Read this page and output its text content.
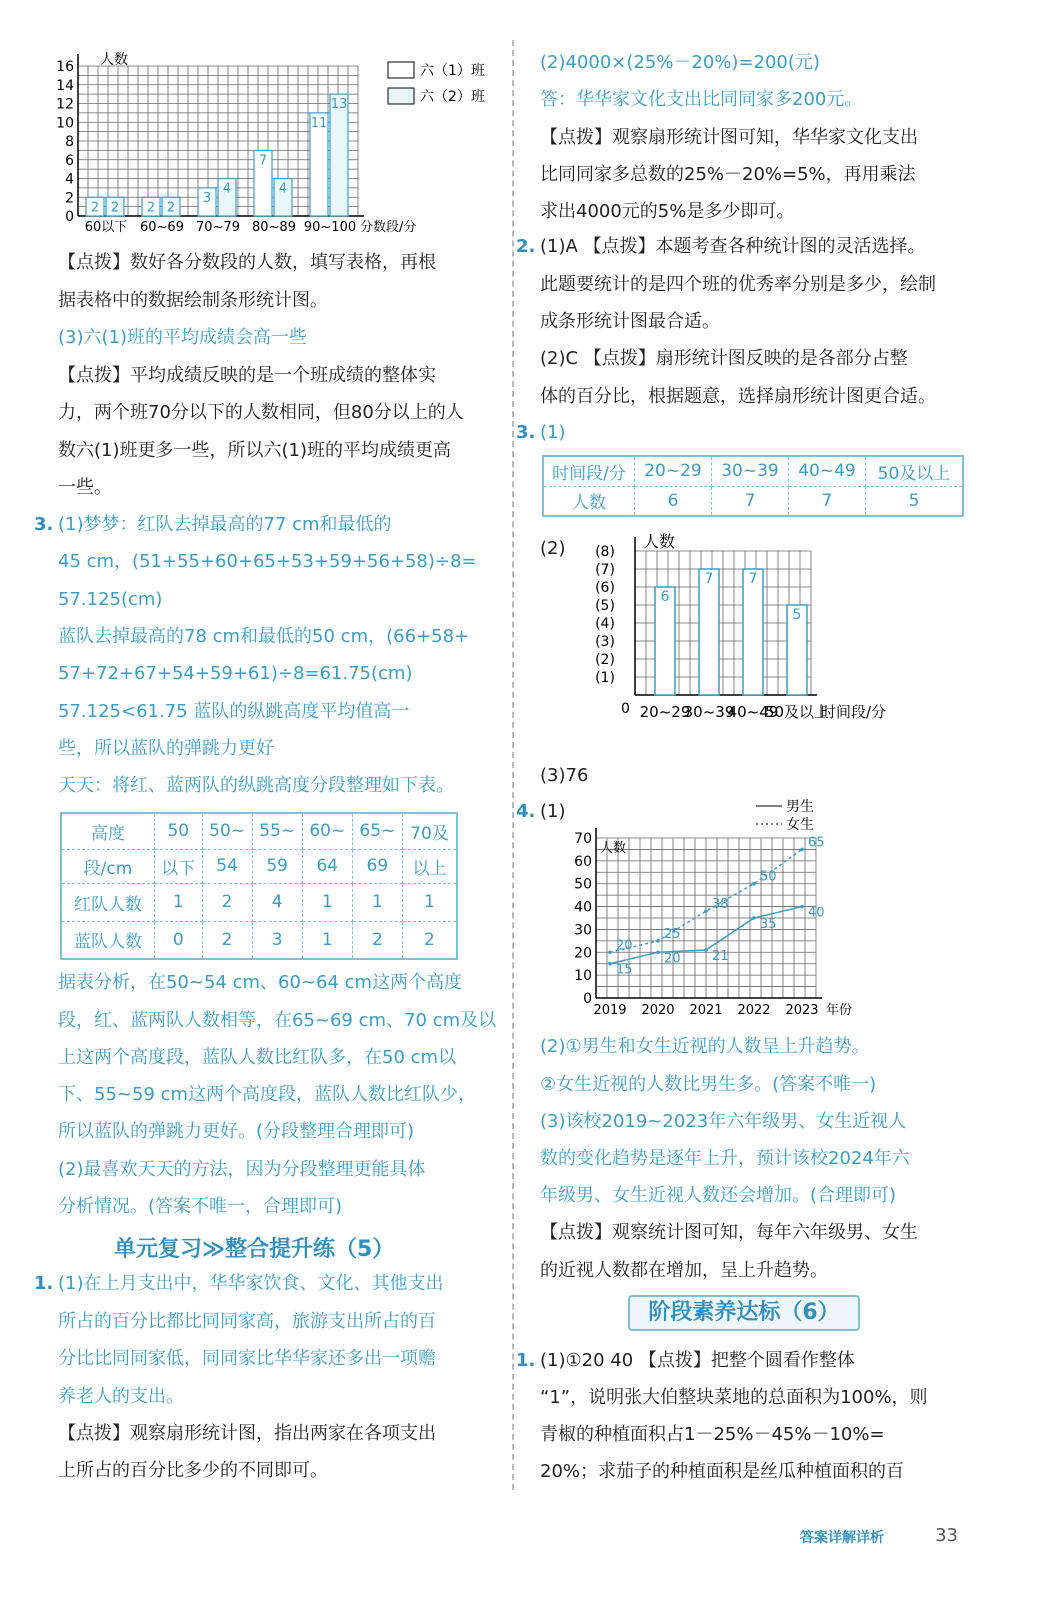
0
2
4
6
8
10
12
14
16 人数
60以下
2 2
60~69
2 2
70~79
3
4
80~89
7
4
90~100
11
13
分数段/分
六（1）班
六（2）班
【点拨】数好各分数段的人数，填写表格，再根
据表格中的数据绘制条形统计图。
(3)六(1)班的平均成绩会高一些
【点拨】平均成绩反映的是一个班成绩的整体实
力，两个班70分以下的人数相同，但80分以上的人
数六(1)班更多一些，所以六(1)班的平均成绩更高
一些。
3. (1)梦梦：红队去掉最高的77 cm和最低的
45 cm，(51+55+60+65+53+59+56+58)÷8=
57.125(cm)
蓝队去掉最高的78 cm和最低的50 cm，(66+58+
57+72+67+54+59+61)÷8=61.75(cm)
57.125<61.75 蓝队的纵跳高度平均值高一
些，所以蓝队的弹跳力更好
天天：将红、蓝两队的纵跳高度分段整理如下表。
高度	50	50~	55~	60~	65~	70及
段/cm	以下	54	59	64	69	以上
红队人数	1	2	4	1	1	1
蓝队人数	0	2	3	1	2	2
据表分析，在50~54 cm、60~64 cm这两个高度
段，红、蓝两队人数相等，在65~69 cm、70 cm及以
上这两个高度段，蓝队人数比红队多，在50 cm以
下、55~59 cm这两个高度段，蓝队人数比红队少，
所以蓝队的弹跳力更好。(分段整理合理即可)
(2)最喜欢天天的方法，因为分段整理更能具体
分析情况。(答案不唯一，合理即可)
单元复习≫整合提升练（5）
1. (1)在上月支出中，华华家饮食、文化、其他支出
所占的百分比都比同同家高，旅游支出所占的百
分比比同同家低，同同家比华华家还多出一项赡
养老人的支出。
【点拨】观察扇形统计图，指出两家在各项支出
上所占的百分比多少的不同即可。
(2)4000×(25%－20%)=200(元)
答：华华家文化支出比同同家多200元。
【点拨】观察扇形统计图可知，华华家文化支出
比同同家多总数的25%－20%=5%，再用乘法
求出4000元的5%是多少即可。
2. (1)A 【点拨】本题考查各种统计图的灵活选择。
此题要统计的是四个班的优秀率分别是多少，绘制
成条形统计图最合适。
(2)C 【点拨】扇形统计图反映的是各部分占整
体的百分比，根据题意，选择扇形统计图更合适。
3. (1)
时间段/分	20~29	30~39	40~49	50及以上
人数	6	7	7	5
(2)
(1)
(2)
(3)
(4)
(5)
(6)
(7)
(8)
0
人数
6
7	7
5
20~29
30~39
40~49
50及以上
时间段/分
(3)76
4. (1)
0
10
20
30
40
50
60
70
人数
2019 2020 2021 2022 2023 年份
15
20 21
35
40
男生
20
25
38
50
65
女生
(2)①男生和女生近视的人数呈上升趋势。
②女生近视的人数比男生多。(答案不唯一)
(3)该校2019~2023年六年级男、女生近视人
数的变化趋势是逐年上升，预计该校2024年六
年级男、女生近视人数还会增加。(合理即可)
【点拨】观察统计图可知，每年六年级男、女生
的近视人数都在增加，呈上升趋势。
阶段素养达标（6）
1. (1)①20 40 【点拨】把整个圆看作整体
“1”，说明张大伯整块菜地的总面积为100%，则
青椒的种植面积占1－25%－45%－10%=
20%；求茄子的种植面积是丝瓜种植面积的百
答案详解详析	33
